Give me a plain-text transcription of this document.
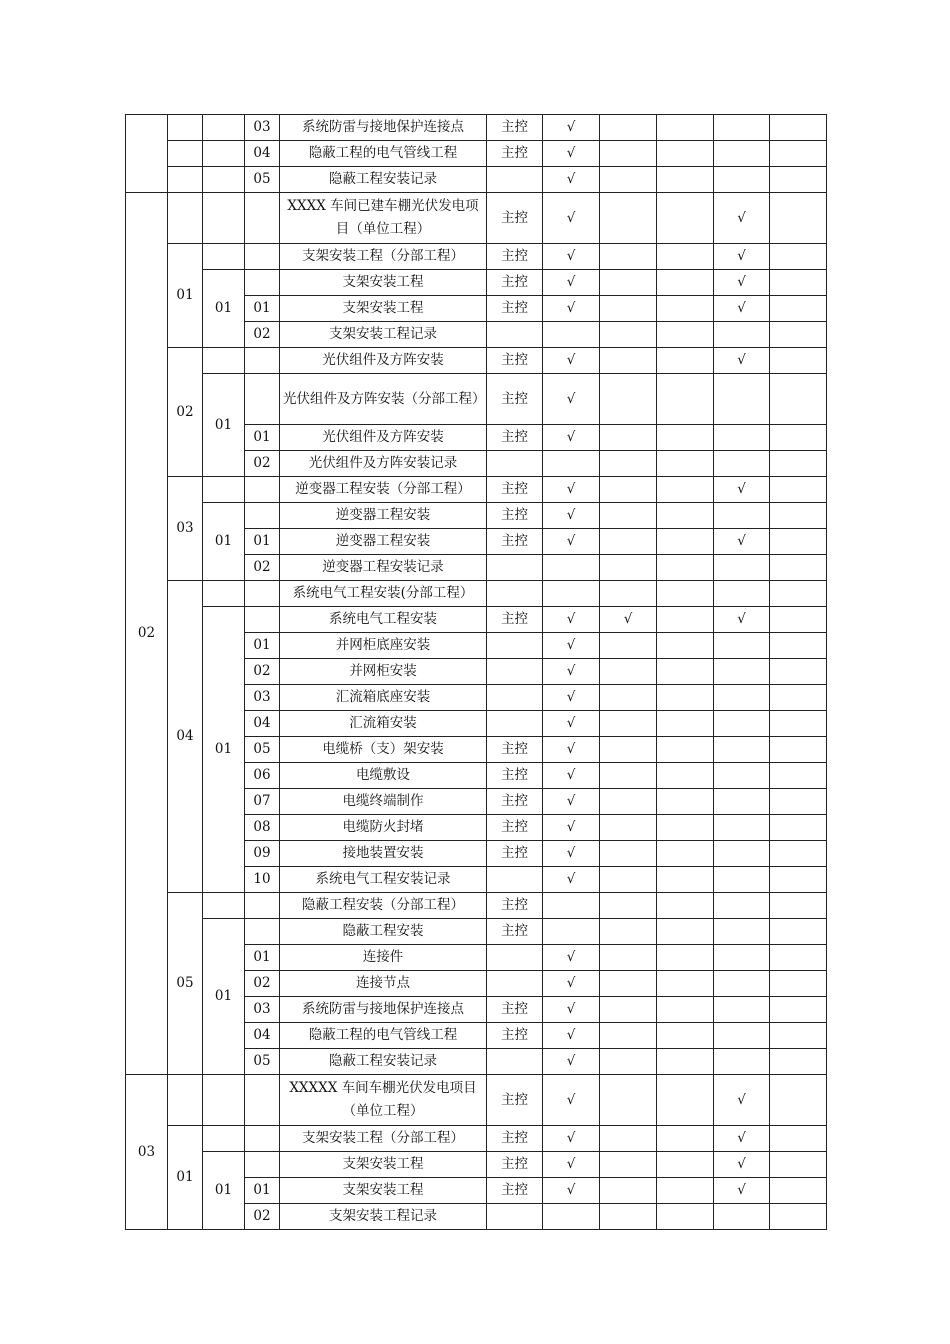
			03	系统防雷与接地保护连接点	主控	√					
			04	隐蔽工程的电气管线工程	主控	√					
			05	隐蔽工程安装记录		√					
02				XXXX 车间已建车棚光伏发电项目（单位工程）	主控	√			√		
	01			支架安装工程（分部工程）	主控	√			√		
		01		支架安装工程	主控	√			√		
			01	支架安装工程	主控	√			√		
			02	支架安装工程记录							
	02			光伏组件及方阵安装	主控	√			√		
		01		光伏组件及方阵安装（分部工程）	主控	√					
			01	光伏组件及方阵安装	主控	√					
			02	光伏组件及方阵安装记录							
	03			逆变器工程安装（分部工程）	主控	√			√		
		01		逆变器工程安装	主控	√					
			01	逆变器工程安装	主控	√			√		
			02	逆变器工程安装记录							
	04			系统电气工程安装(分部工程）							
		01		系统电气工程安装	主控	√	√		√		
			01	并网柜底座安装		√					
			02	并网柜安装		√					
			03	汇流箱底座安装		√					
			04	汇流箱安装		√					
			05	电缆桥（支）架安装	主控	√					
			06	电缆敷设	主控	√					
			07	电缆终端制作	主控	√					
			08	电缆防火封堵	主控	√					
			09	接地装置安装	主控	√					
			10	系统电气工程安装记录		√					
	05			隐蔽工程安装（分部工程）	主控						
		01		隐蔽工程安装	主控						
			01	连接件		√					
			02	连接节点		√					
			03	系统防雷与接地保护连接点	主控	√					
			04	隐蔽工程的电气管线工程	主控	√					
			05	隐蔽工程安装记录		√					
03				XXXXX 车间车棚光伏发电项目（单位工程）	主控	√			√		
	01			支架安装工程（分部工程）	主控	√			√		
		01		支架安装工程	主控	√			√		
			01	支架安装工程	主控	√			√		
			02	支架安装工程记录							
